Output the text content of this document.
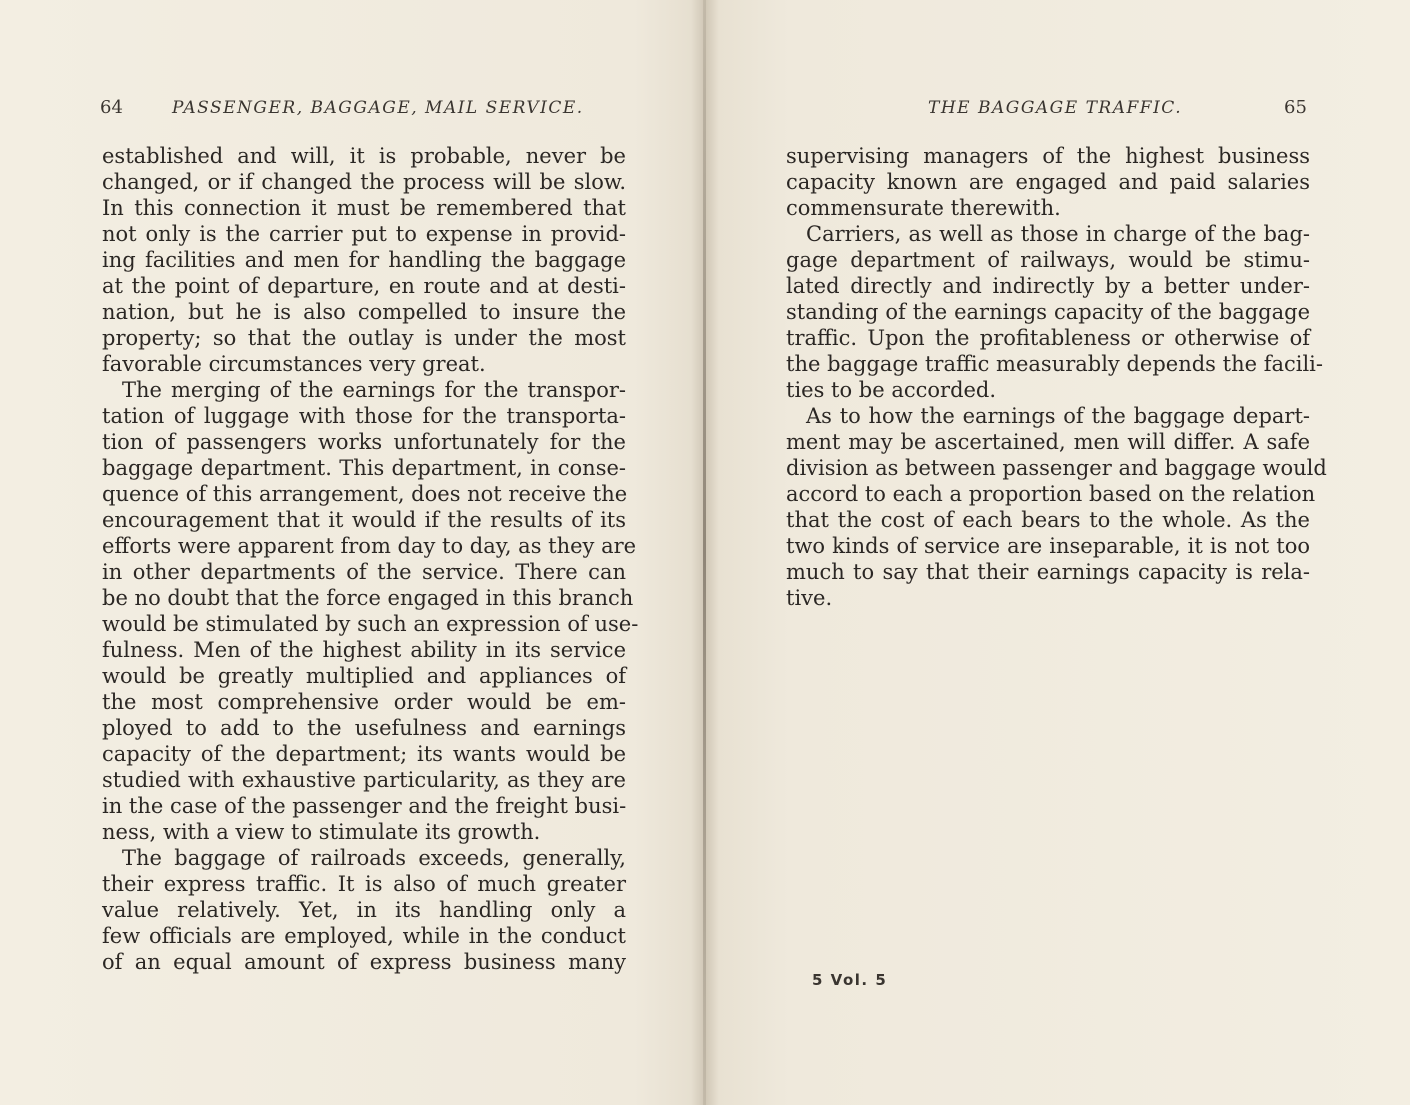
64	PASSENGER, BAGGAGE, MAIL SERVICE.

established and will, it is probable, never be
changed, or if changed the process will be slow.
In this connection it must be remembered that
not only is the carrier put to expense in provid-
ing facilities and men for handling the baggage
at the point of departure, en route and at desti-
nation, but he is also compelled to insure the
property; so that the outlay is under the most
favorable circumstances very great.

The merging of the earnings for the transpor-
tation of luggage with those for the transporta-
tion of passengers works unfortunately for the
baggage department. This department, in conse-
quence of this arrangement, does not receive the
encouragement that it would if the results of its
efforts were apparent from day to day, as they are
in other departments of the service. There can
be no doubt that the force engaged in this branch
would be stimulated by such an expression of use-
fulness. Men of the highest ability in its service
would be greatly multiplied and appliances of
the most comprehensive order would be em-
ployed to add to the usefulness and earnings
capacity of the department; its wants would be
studied with exhaustive particularity, as they are
in the case of the passenger and the freight busi-
ness, with a view to stimulate its growth.

The baggage of railroads exceeds, generally,
their express traffic. It is also of much greater
value relatively. Yet, in its handling only a
few officials are employed, while in the conduct
of an equal amount of express business many

THE BAGGAGE TRAFFIC.	65

supervising managers of the highest business
capacity known are engaged and paid salaries
commensurate therewith.

Carriers, as well as those in charge of the bag-
gage department of railways, would be stimu-
lated directly and indirectly by a better under-
standing of the earnings capacity of the baggage
traffic. Upon the profitableness or otherwise of
the baggage traffic measurably depends the facili-
ties to be accorded.

As to how the earnings of the baggage depart-
ment may be ascertained, men will differ. A safe
division as between passenger and baggage would
accord to each a proportion based on the relation
that the cost of each bears to the whole. As the
two kinds of service are inseparable, it is not too
much to say that their earnings capacity is rela-
tive.

5 Vol. 5
